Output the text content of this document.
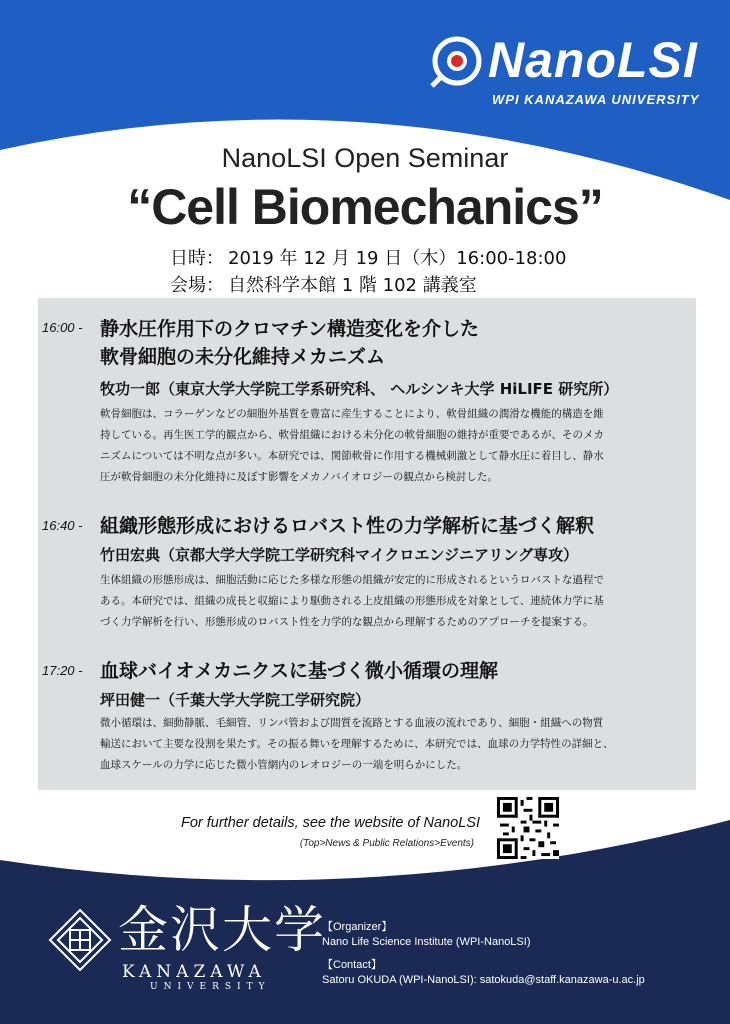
NanoLSI
WPI KANAZAWA UNIVERSITY
NanoLSI Open Seminar
“Cell Biomechanics”
日時： 2019 年 12 月 19 日（木）16:00-18:00
会場： 自然科学本館 1 階 102 講義室
16:00 - 静水圧作用下のクロマチン構造変化を介した
軟骨細胞の未分化維持メカニズム
牧功一郎（東京大学大学院工学系研究科、 ヘルシンキ大学 HiLIFE 研究所）
軟骨細胞は、コラーゲンなどの細胞外基質を豊富に産生することにより、軟骨組織の潤滑な機能的構造を維
持している。再生医工学的観点から、軟骨組織における未分化の軟骨細胞の維持が重要であるが、そのメカ
ニズムについては不明な点が多い。本研究では、関節軟骨に作用する機械刺激として静水圧に着目し、静水
圧が軟骨細胞の未分化維持に及ぼす影響をメカノバイオロジーの観点から検討した。
16:40 - 組織形態形成におけるロバスト性の力学解析に基づく解釈
竹田宏典（京都大学大学院工学研究科マイクロエンジニアリング専攻）
生体組織の形態形成は、細胞活動に応じた多様な形態の組織が安定的に形成されるというロバストな過程で
ある。本研究では、組織の成長と収縮により駆動される上皮組織の形態形成を対象として、連続体力学に基
づく力学解析を行い、形態形成のロバスト性を力学的な観点から理解するためのアプローチを提案する。
17:20 - 血球バイオメカニクスに基づく微小循環の理解
坪田健一（千葉大学大学院工学研究院）
微小循環は、細動静脈、毛細管、リンパ管および間質を流路とする血液の流れであり、細胞・組織への物質
輸送において主要な役割を果たす。その振る舞いを理解するために、本研究では、血球の力学特性の詳細と、
血球スケールの力学に応じた微小管網内のレオロジーの一端を明らかにした。
For further details, see the website of NanoLSI
(Top>News & Public Relations>Events)
金沢大学
KANAZAWA
UNIVERSITY
【Organizer】
Nano Life Science Institute (WPI-NanoLSI)
【Contact】
Satoru OKUDA (WPI-NanoLSI): satokuda@staff.kanazawa-u.ac.jp
